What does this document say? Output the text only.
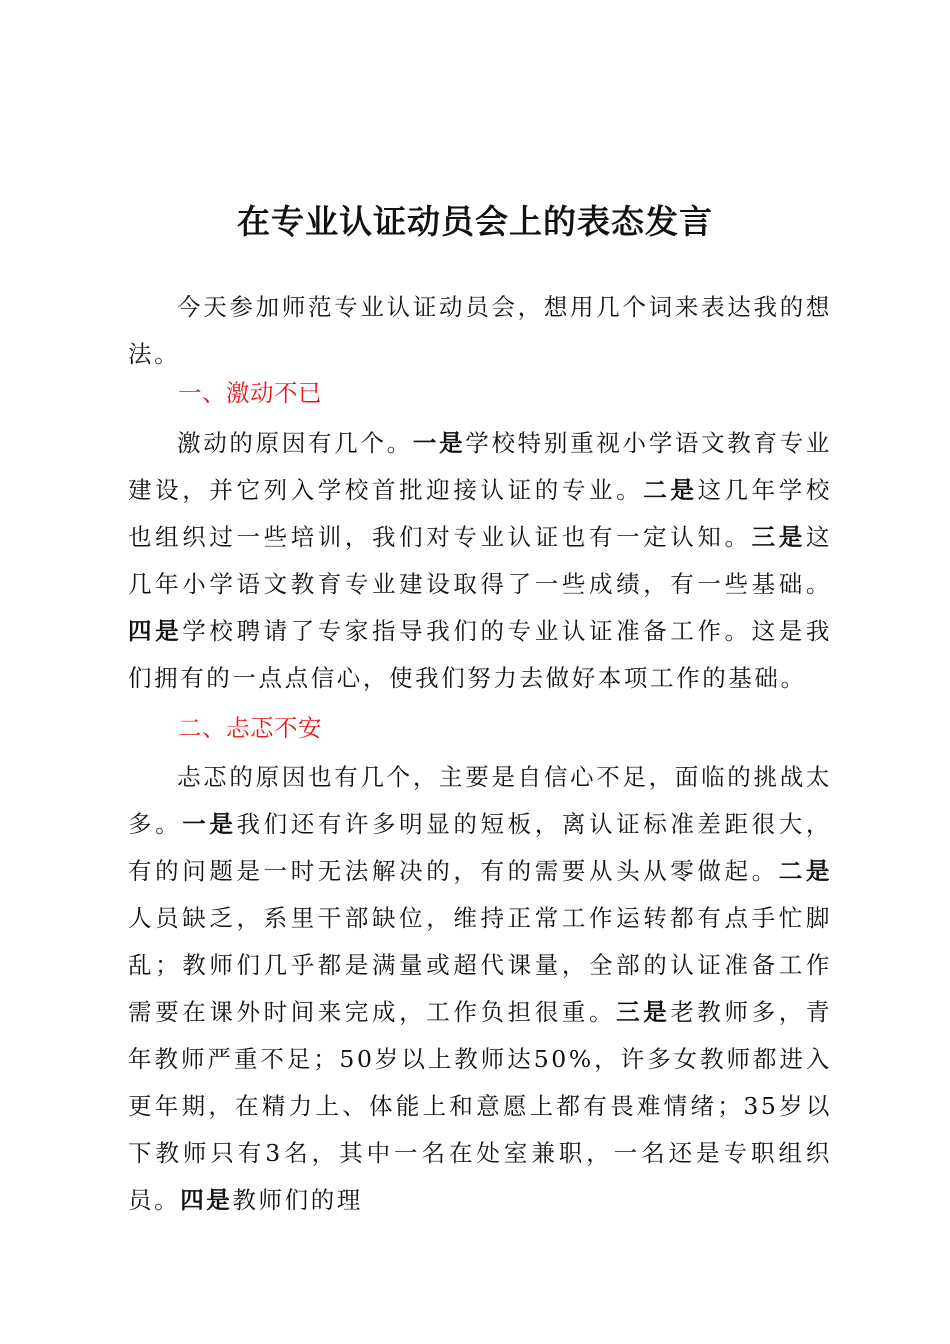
在专业认证动员会上的表态发言

今天参加师范专业认证动员会，想用几个词来表达我的想法。

一、激动不已

激动的原因有几个。一是学校特别重视小学语文教育专业建设，并它列入学校首批迎接认证的专业。二是这几年学校也组织过一些培训，我们对专业认证也有一定认知。三是这几年小学语文教育专业建设取得了一些成绩，有一些基础。四是学校聘请了专家指导我们的专业认证准备工作。这是我们拥有的一点点信心，使我们努力去做好本项工作的基础。

二、忐忑不安

忐忑的原因也有几个，主要是自信心不足，面临的挑战太多。一是我们还有许多明显的短板，离认证标准差距很大，有的问题是一时无法解决的，有的需要从头从零做起。二是人员缺乏，系里干部缺位，维持正常工作运转都有点手忙脚乱；教师们几乎都是满量或超代课量，全部的认证准备工作需要在课外时间来完成，工作负担很重。三是老教师多，青年教师严重不足；50岁以上教师达50%，许多女教师都进入更年期，在精力上、体能上和意愿上都有畏难情绪；35岁以下教师只有3名，其中一名在处室兼职，一名还是专职组织员。四是教师们的理
